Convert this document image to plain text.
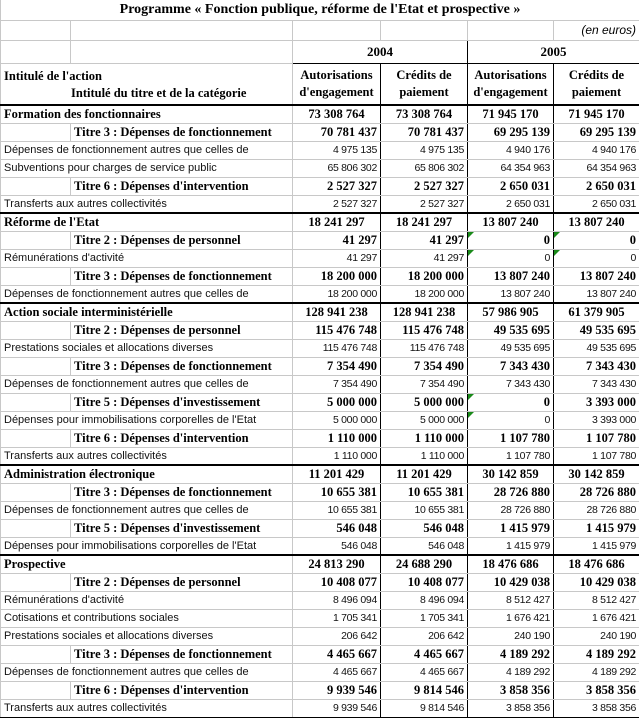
Programme « Fonction publique, réforme de l'Etat et prospective »					
					(en euros)
		2004		2005	

Intitulé de l'action
Intitulé du titre et de la catégorie		Autorisations d'engagement	Crédits de paiement	Autorisations d'engagement	Crédits de paiement
Formation des fonctionnaires		73 308 764	73 308 764	71 945 170	71 945 170
	Titre 3 : Dépenses de fonctionnement	70 781 437	70 781 437	69 295 139	69 295 139
Dépenses de fonctionnement autres que celles de		4 975 135	4 975 135	4 940 176	4 940 176
Subventions pour charges de service public		65 806 302	65 806 302	64 354 963	64 354 963
	Titre 6 : Dépenses d'intervention	2 527 327	2 527 327	2 650 031	2 650 031
Transferts aux autres collectivités		2 527 327	2 527 327	2 650 031	2 650 031
Réforme de l'Etat		18 241 297	18 241 297	13 807 240	13 807 240
	Titre 2 : Dépenses de personnel	41 297	41 297	0	0
Rémunérations d'activité		41 297	41 297	0	0
	Titre 3 : Dépenses de fonctionnement	18 200 000	18 200 000	13 807 240	13 807 240
Dépenses de fonctionnement autres que celles de		18 200 000	18 200 000	13 807 240	13 807 240
Action sociale interministérielle		128 941 238	128 941 238	57 986 905	61 379 905
	Titre 2 : Dépenses de personnel	115 476 748	115 476 748	49 535 695	49 535 695
Prestations sociales et allocations diverses		115 476 748	115 476 748	49 535 695	49 535 695
	Titre 3 : Dépenses de fonctionnement	7 354 490	7 354 490	7 343 430	7 343 430
Dépenses de fonctionnement autres que celles de		7 354 490	7 354 490	7 343 430	7 343 430
	Titre 5 : Dépenses d'investissement	5 000 000	5 000 000	0	3 393 000
Dépenses pour immobilisations corporelles de l'Etat		5 000 000	5 000 000	0	3 393 000
	Titre 6 : Dépenses d'intervention	1 110 000	1 110 000	1 107 780	1 107 780
Transferts aux autres collectivités		1 110 000	1 110 000	1 107 780	1 107 780
Administration électronique		11 201 429	11 201 429	30 142 859	30 142 859
	Titre 3 : Dépenses de fonctionnement	10 655 381	10 655 381	28 726 880	28 726 880
Dépenses de fonctionnement autres que celles de		10 655 381	10 655 381	28 726 880	28 726 880
	Titre 5 : Dépenses d'investissement	546 048	546 048	1 415 979	1 415 979
Dépenses pour immobilisations corporelles de l'Etat		546 048	546 048	1 415 979	1 415 979
Prospective		24 813 290	24 688 290	18 476 686	18 476 686
	Titre 2 : Dépenses de personnel	10 408 077	10 408 077	10 429 038	10 429 038
Rémunérations d'activité		8 496 094	8 496 094	8 512 427	8 512 427
Cotisations et contributions sociales		1 705 341	1 705 341	1 676 421	1 676 421
Prestations sociales et allocations diverses		206 642	206 642	240 190	240 190
	Titre 3 : Dépenses de fonctionnement	4 465 667	4 465 667	4 189 292	4 189 292
Dépenses de fonctionnement autres que celles de		4 465 667	4 465 667	4 189 292	4 189 292
	Titre 6 : Dépenses d'intervention	9 939 546	9 814 546	3 858 356	3 858 356
Transferts aux autres collectivités		9 939 546	9 814 546	3 858 356	3 858 356
